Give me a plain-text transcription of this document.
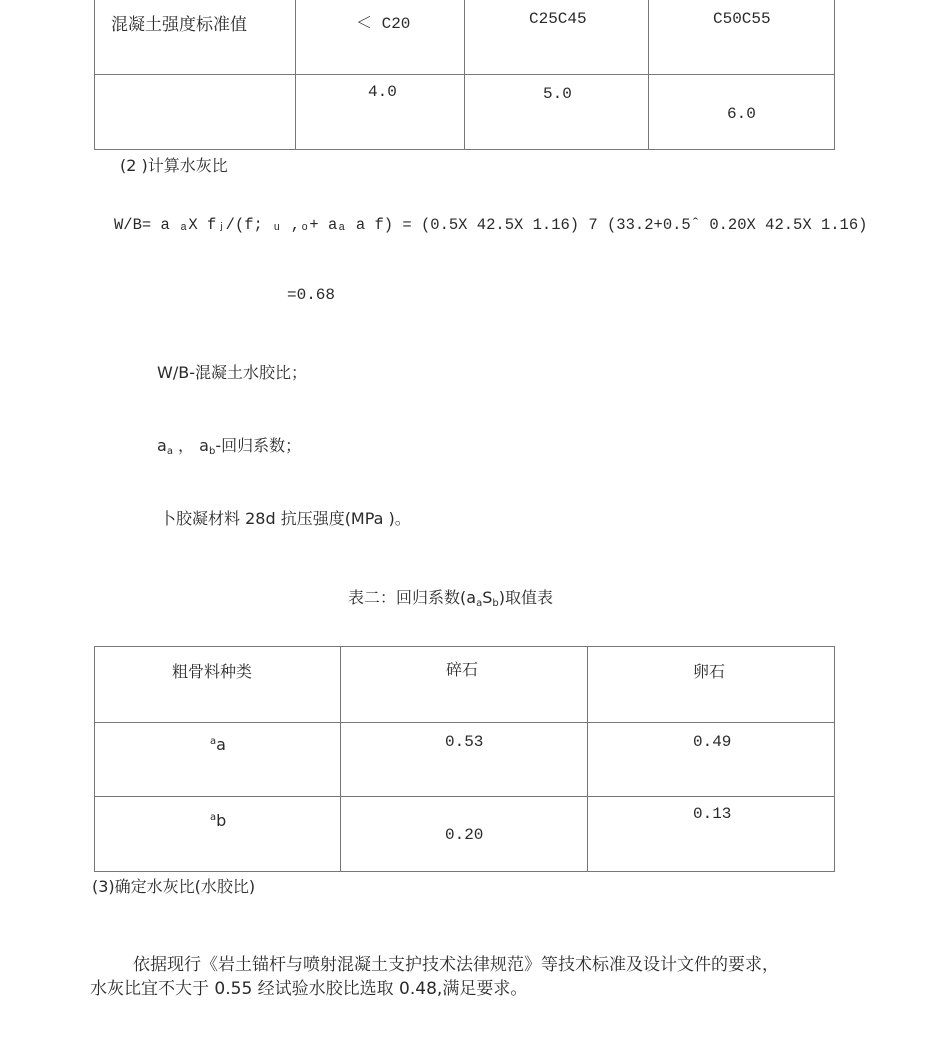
混凝土强度标准值	＜ C20	C25C45	C50C55

	4.0	5.0	6.0
(2 )计算水灰比
W/B= a ₐX fⱼ/(f; ᵤ ,ₒ+ aₐ a f) = (0.5X 42.5X 1.16) 7 (33.2+0.5ˆ 0.20X 42.5X 1.16)
=0.68
W/B-混凝土水胶比；
$a_a$ ， $a_b-$回归系数；
卜胶凝材料 28d 抗压强度(MPa )。
表二：回归系数$(a_aS_b)$取值表
粗骨料种类	碎石	卵石

$^a$a	0.53	0.49

$^a$b	0.20	0.13
(3)确定水灰比(水胶比)
依据现行《岩土锚杆与喷射混凝土支护技术法律规范》等技术标准及设计文件的要求，
水灰比宜不大于 0.55 经试验水胶比选取 0.48,满足要求。
